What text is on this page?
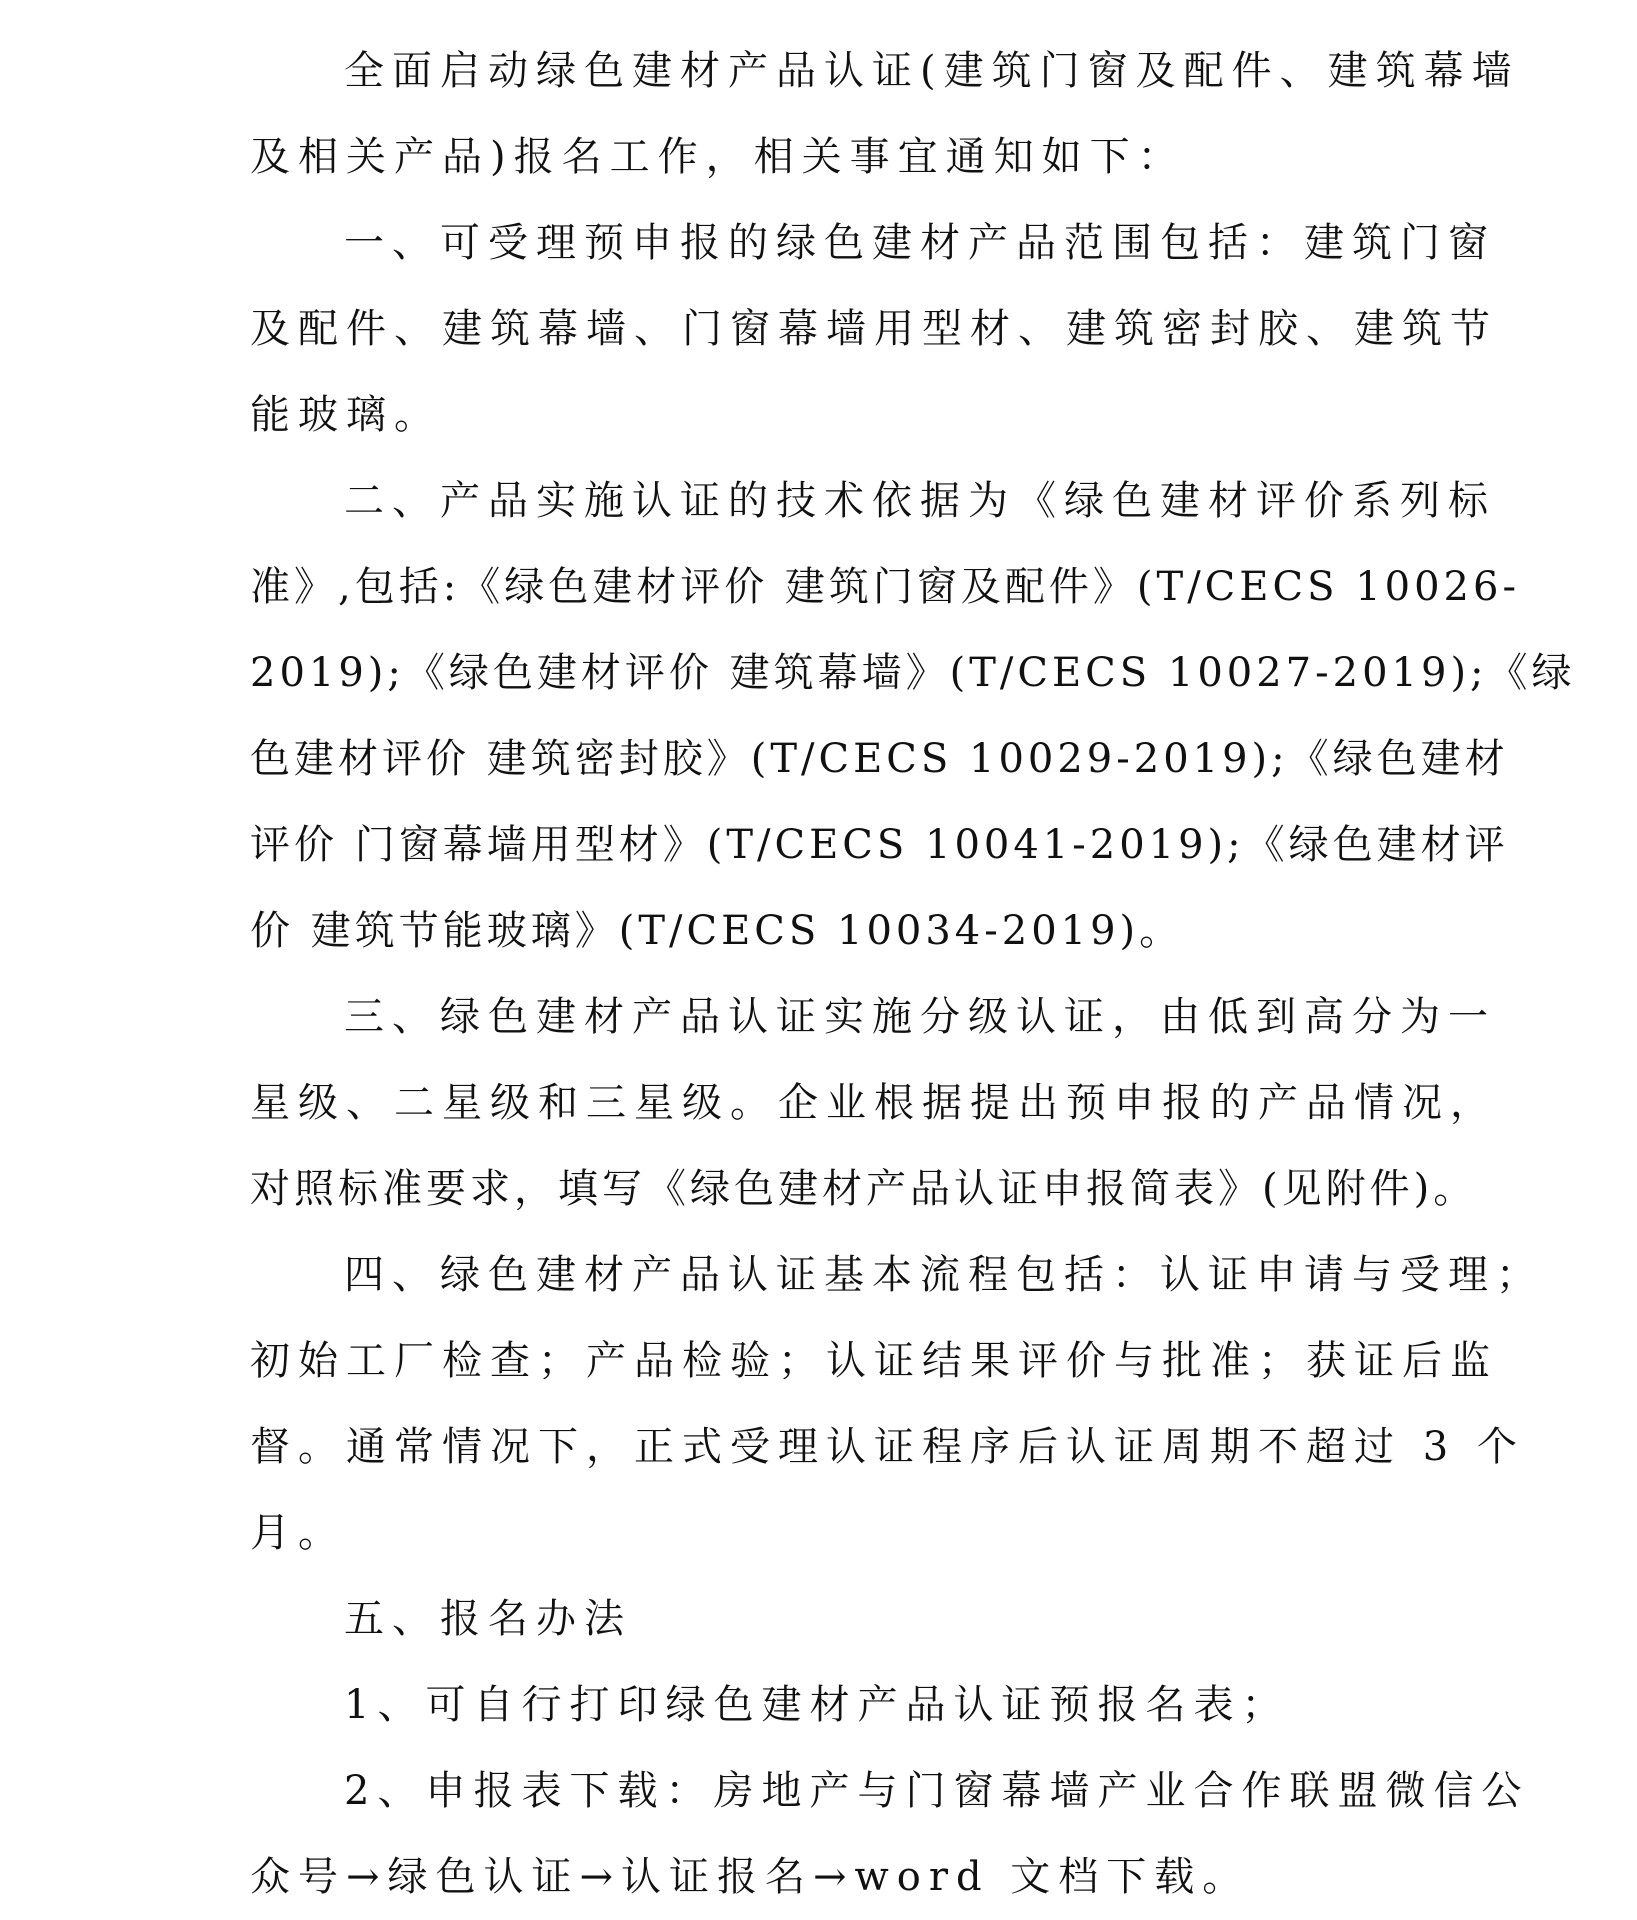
全面启动绿色建材产品认证(建筑门窗及配件、建筑幕墙
及相关产品)报名工作，相关事宜通知如下：
一、可受理预申报的绿色建材产品范围包括：建筑门窗
及配件、建筑幕墙、门窗幕墙用型材、建筑密封胶、建筑节
能玻璃。
二、产品实施认证的技术依据为《绿色建材评价系列标
准》,包括:《绿色建材评价 建筑门窗及配件》(T/CECS 10026-
2019);《绿色建材评价 建筑幕墙》(T/CECS 10027-2019);《绿
色建材评价 建筑密封胶》(T/CECS 10029-2019);《绿色建材
评价 门窗幕墙用型材》(T/CECS 10041-2019);《绿色建材评
价 建筑节能玻璃》(T/CECS 10034-2019)。
三、绿色建材产品认证实施分级认证，由低到高分为一
星级、二星级和三星级。企业根据提出预申报的产品情况，
对照标准要求，填写《绿色建材产品认证申报简表》(见附件)。
四、绿色建材产品认证基本流程包括：认证申请与受理；
初始工厂检查；产品检验；认证结果评价与批准；获证后监
督。通常情况下，正式受理认证程序后认证周期不超过 3 个
月。
五、报名办法
1、可自行打印绿色建材产品认证预报名表；
2、申报表下载：房地产与门窗幕墙产业合作联盟微信公
众号→绿色认证→认证报名→word 文档下载。
